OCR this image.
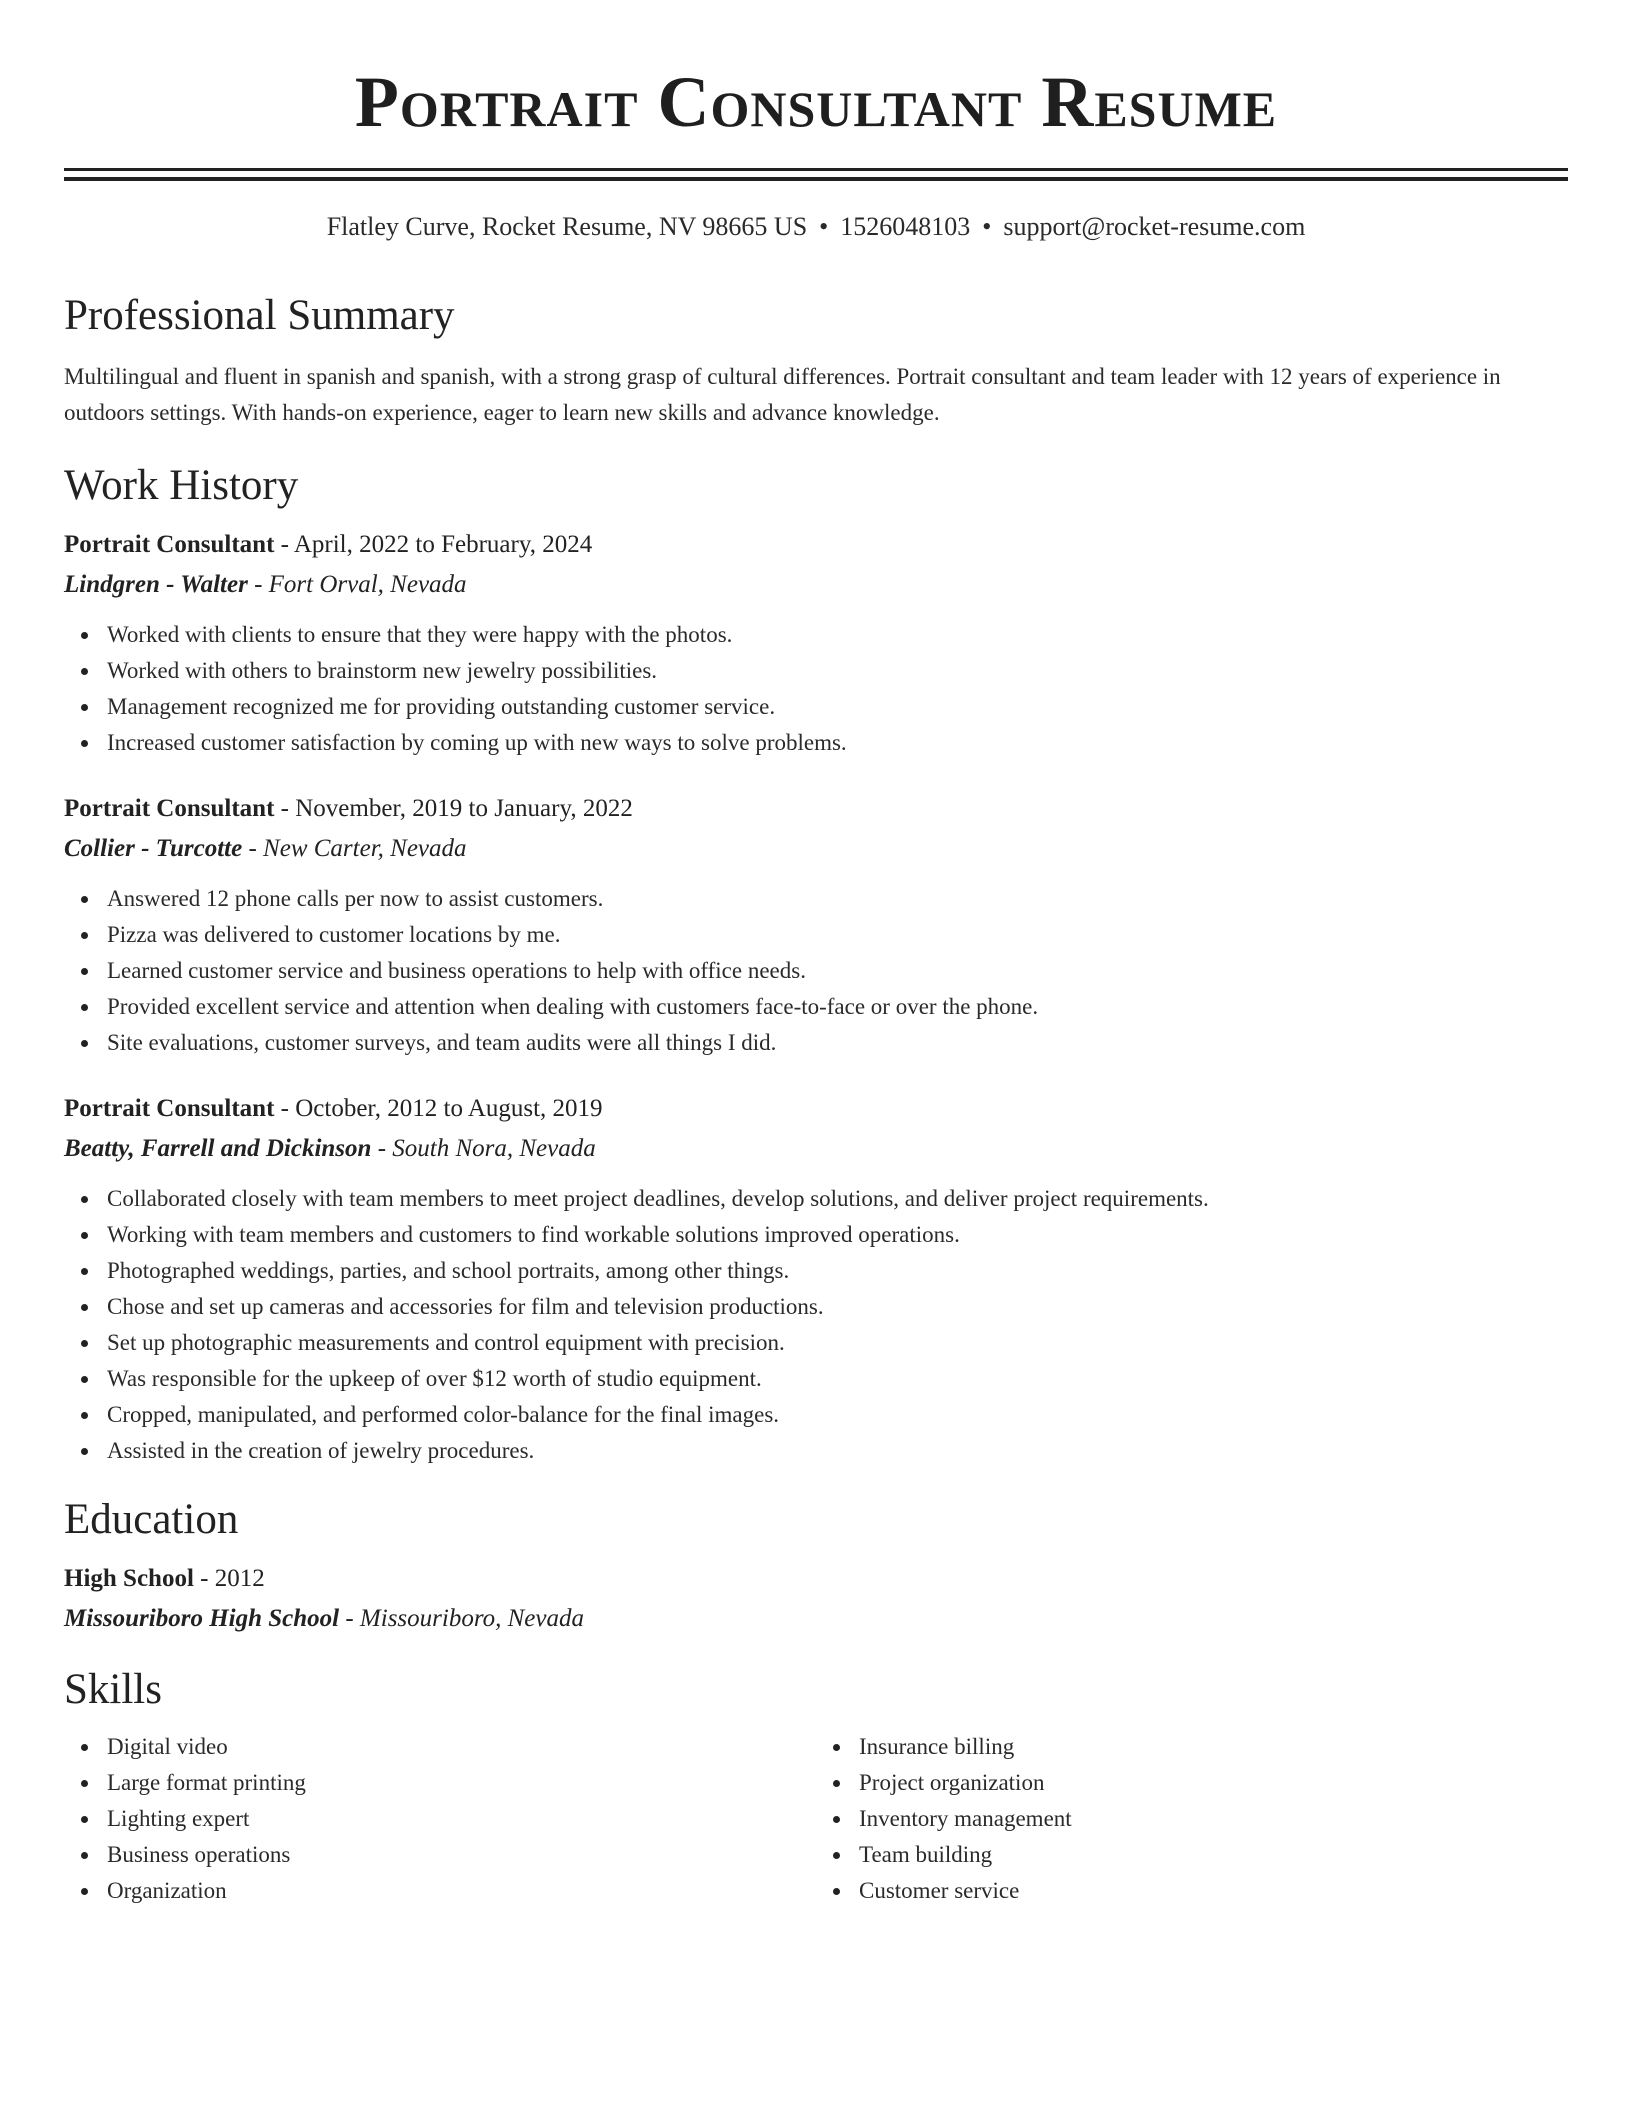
Portrait Consultant Resume
Flatley Curve, Rocket Resume, NV 98665 US • 1526048103 • support@rocket-resume.com
Professional Summary

Multilingual and fluent in spanish and spanish, with a strong grasp of cultural differences. Portrait consultant and team leader with 12 years of experience in outdoors settings. With hands-on experience, eager to learn new skills and advance knowledge.

Work History
Portrait Consultant - April, 2022 to February, 2024
Lindgren - Walter - Fort Orval, Nevada
Worked with clients to ensure that they were happy with the photos.
Worked with others to brainstorm new jewelry possibilities.
Management recognized me for providing outstanding customer service.
Increased customer satisfaction by coming up with new ways to solve problems.
Portrait Consultant - November, 2019 to January, 2022
Collier - Turcotte - New Carter, Nevada
Answered 12 phone calls per now to assist customers.
Pizza was delivered to customer locations by me.
Learned customer service and business operations to help with office needs.
Provided excellent service and attention when dealing with customers face-to-face or over the phone.
Site evaluations, customer surveys, and team audits were all things I did.
Portrait Consultant - October, 2012 to August, 2019
Beatty, Farrell and Dickinson - South Nora, Nevada
Collaborated closely with team members to meet project deadlines, develop solutions, and deliver project requirements.
Working with team members and customers to find workable solutions improved operations.
Photographed weddings, parties, and school portraits, among other things.
Chose and set up cameras and accessories for film and television productions.
Set up photographic measurements and control equipment with precision.
Was responsible for the upkeep of over $12 worth of studio equipment.
Cropped, manipulated, and performed color-balance for the final images.
Assisted in the creation of jewelry procedures.
Education
High School - 2012
Missouriboro High School - Missouriboro, Nevada
Skills
Digital video
Large format printing
Lighting expert
Business operations
Organization
Insurance billing
Project organization
Inventory management
Team building
Customer service
